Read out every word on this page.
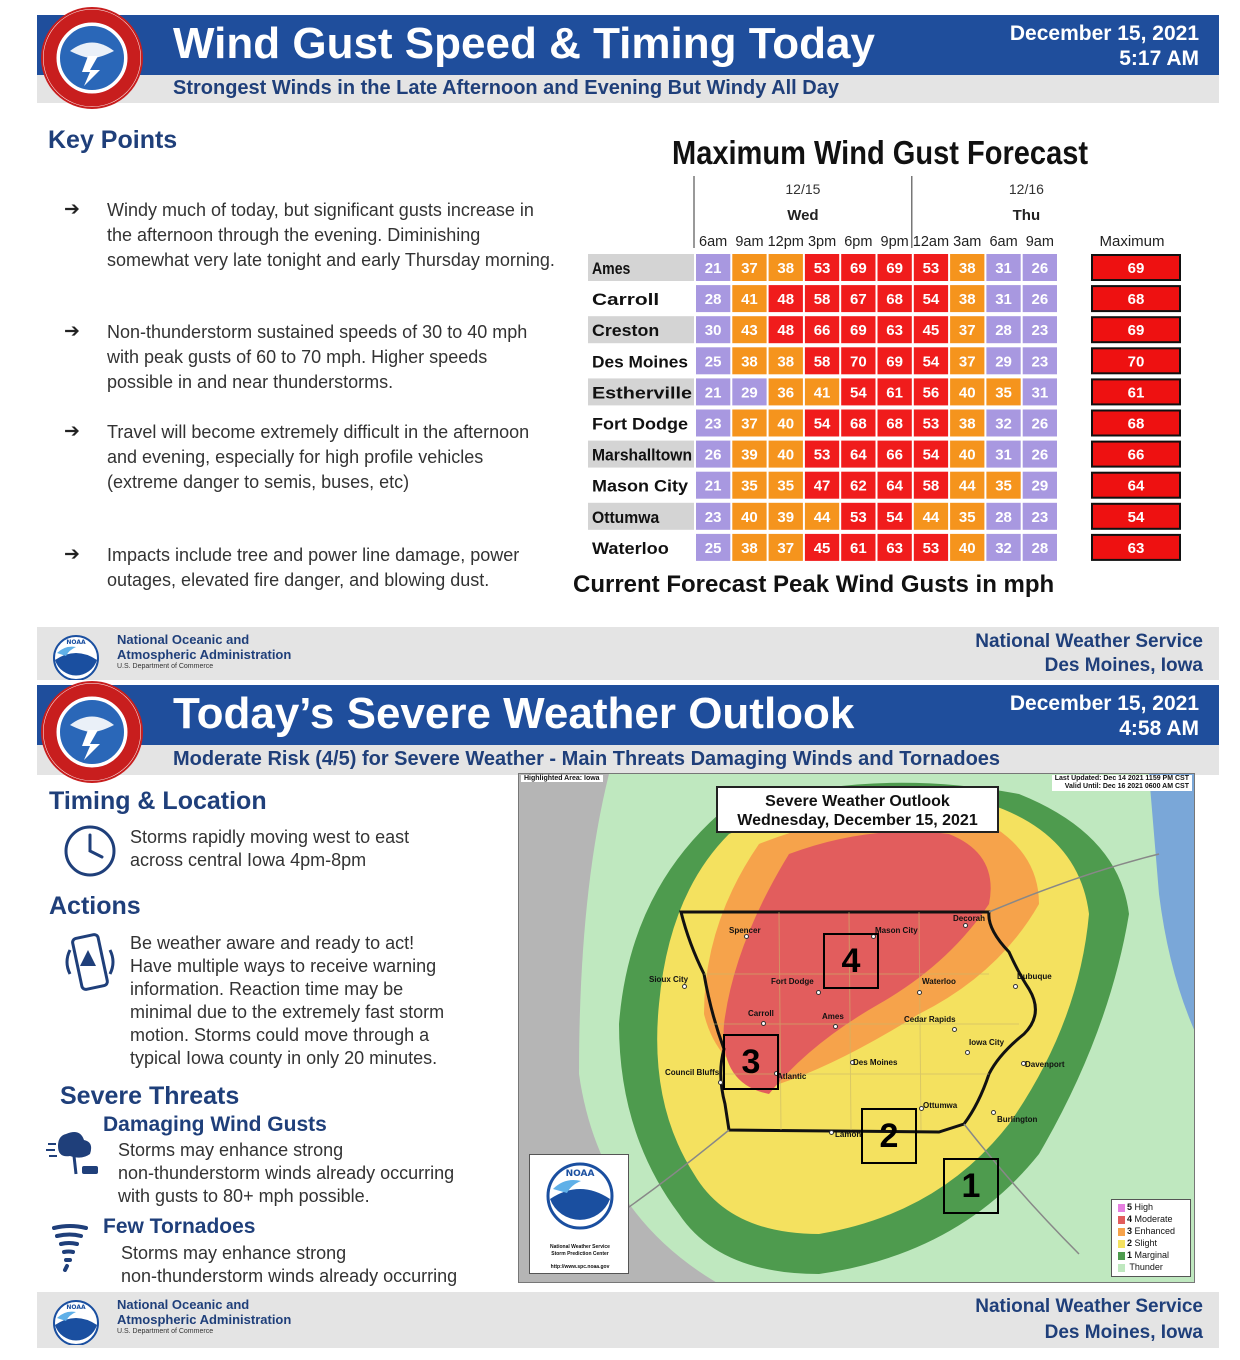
Wind Gust Speed & Timing Today	December 15, 2021
5:17 AM
Strongest Winds in the Late Afternoon and Evening But Windy All Day
Key Points
➔ Windy much of today, but significant gusts increase in the afternoon through the evening. Diminishing somewhat very late tonight and early Thursday morning.
➔ Non-thunderstorm sustained speeds of 30 to 40 mph with peak gusts of 60 to 70 mph. Higher speeds possible in and near thunderstorms.
➔ Travel will become extremely difficult in the afternoon and evening, especially for high profile vehicles (extreme danger to semis, buses, etc)
➔ Impacts include tree and power line damage, power outages, elevated fire danger, and blowing dust.
Maximum Wind Gust Forecast
12/15
Wed
12/16
Thu
6am 9am 12pm 3pm 6pm 9pm 12am 3am 6am 9am	Maximum
Ames	21 37 38 53 69 69 53 38 31 26	69
Carroll	28 41 48 58 67 68 54 38 31 26	68
Creston	30 43 48 66 69 63 45 37 28 23	69
Des Moines 25 38 38 58 70 69 54 37 29 23	70
Estherville 21 29 36 41 54 61 56 40 35 31	61
Fort Dodge 23 37 40 54 68 68 53 38 32 26	68
Marshalltown 26 39 40 53 64 66 54 40 31 26	66
Mason City 21 35 35 47 62 64 58 44 35 29	64
Ottumwa	23 40 39 44 53 54 44 35 28 23	54
Waterloo 25 38 37 45 61 63 53 40 32 28	63
Current Forecast Peak Wind Gusts in mph
NOAA National Oceanic and
Atmospheric Administration
U.S. Department of Commerce
National Weather Service
Des Moines, Iowa
Today’s Severe Weather Outlook	December 15, 2021
4:58 AM
Moderate Risk (4/5) for Severe Weather - Main Threats Damaging Winds and Tornadoes
Timing & Location
Storms rapidly moving west to east
across central Iowa 4pm-8pm
Actions
Be weather aware and ready to act!
Have multiple ways to receive warning
information. Reaction time may be
minimal due to the extremely fast storm
motion. Storms could move through a
typical Iowa county in only 20 minutes.
Severe Threats
Damaging Wind Gusts
Storms may enhance strong
non-thunderstorm winds already occurring
with gusts to 80+ mph possible.
Few Tornadoes
Storms may enhance strong
non-thunderstorm winds already occurring
NOAA National Oceanic and
Atmospheric Administration
U.S. Department of Commerce
National Weather Service
Des Moines, Iowa
Highlighted Area: Iowa	Last Updated: Dec 14 2021 1159 PM CST
Valid Until: Dec 16 2021 0600 AM CST
Severe Weather Outlook
Wednesday, December 15, 2021
Spencer	Mason City
Decorah
Sioux City	Fort Dodge	Waterloo
Dubuque
Carroll	Ames	Cedar Rapids
Iowa City
Council Bluffs
Des Moines	Davenport
Atlantic
Ottumwa
Burlington
Lamoni
4
3
2
1
NOAA
National Weather Service
Storm Prediction Center
http://www.spc.noaa.gov
5 High
4 Moderate
3 Enhanced
2 Slight
1 Marginal
Thunder
